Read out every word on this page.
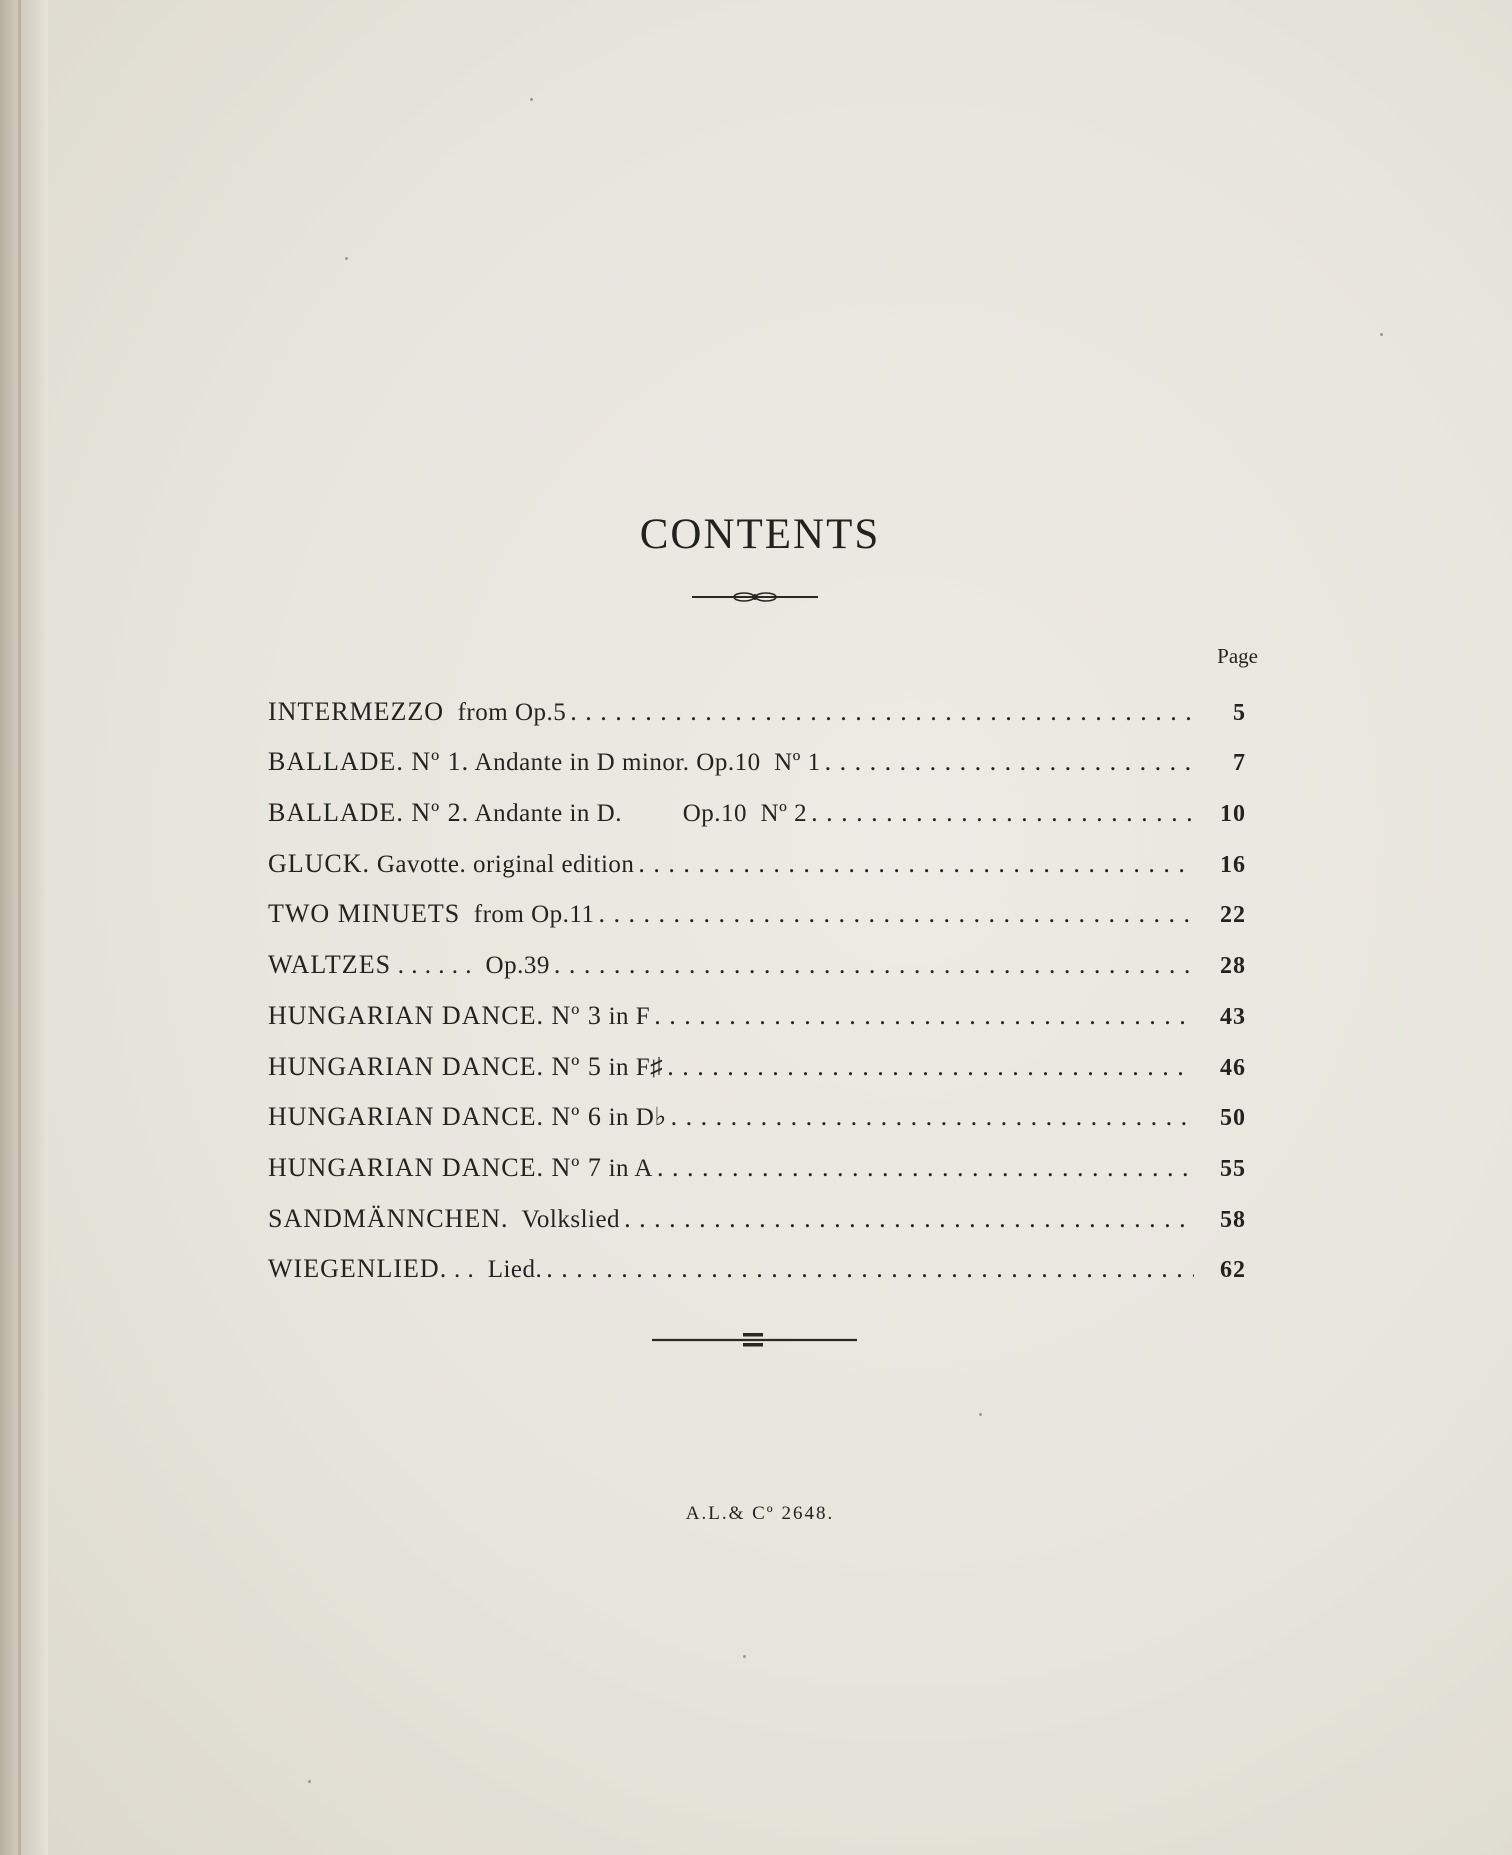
CONTENTS
Page
INTERMEZZO from Op.5 . . .	5
BALLADE. Nº 1. Andante in D minor. Op.10  Nº 1 . . .	7
BALLADE. Nº 2. Andante in D.         Op.10  Nº 2 . . .	10
GLUCK. Gavotte. original edition . . .	16
TWO MINUETS from Op.11 . . .	22
WALTZES . . . . . .  Op.39 . . .	28
HUNGARIAN DANCE. Nº 3 in F . . .	43
HUNGARIAN DANCE. Nº 5 in F♯ . . .	46
HUNGARIAN DANCE. Nº 6 in D♭ . . .	50
HUNGARIAN DANCE. Nº 7 in A . . .	55
SANDMÄNNCHEN. Volkslied . . .	58
WIEGENLIED. . .  Lied. . . .	62
A.L.& Cº 2648.
